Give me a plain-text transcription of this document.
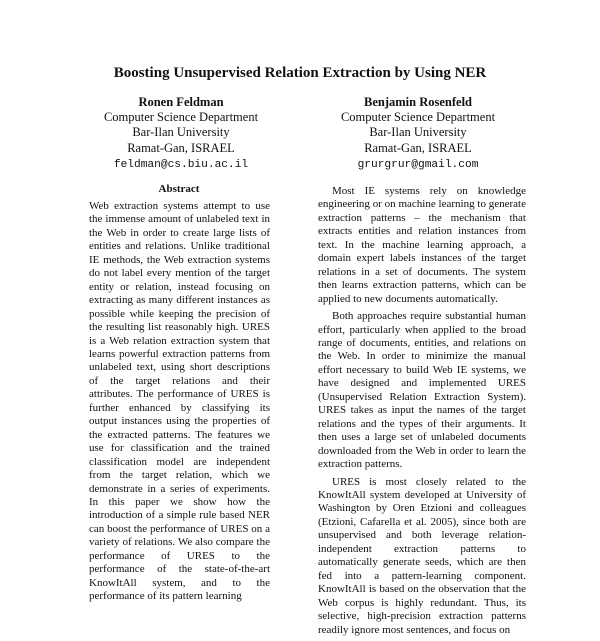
Boosting Unsupervised Relation Extraction by Using NER
Ronen Feldman
Computer Science Department
Bar-Ilan University
Ramat-Gan, ISRAEL
feldman@cs.biu.ac.il
Benjamin Rosenfeld
Computer Science Department
Bar-Ilan University
Ramat-Gan, ISRAEL
grurgrur@gmail.com
Abstract

Web extraction systems attempt to use the immense amount of unlabeled text in the Web in order to create large lists of entities and relations. Unlike traditional IE methods, the Web extraction systems do not label every mention of the target entity or relation, instead focusing on extracting as many different instances as possible while keeping the precision of the resulting list reasonably high. URES is a Web relation extraction system that learns powerful extraction patterns from unlabeled text, using short descriptions of the target relations and their attributes. The performance of URES is further enhanced by classifying its output instances using the properties of the extracted patterns. The features we use for classification and the trained classification model are independent from the target relation, which we demonstrate in a series of experiments. In this paper we show how the introduction of a simple rule based NER can boost the performance of URES on a variety of relations. We also compare the performance of URES to the performance of the state-of-the-art KnowItAll system, and to the performance of its pattern learning

Most IE systems rely on knowledge engineering or on machine learning to generate extraction patterns – the mechanism that extracts entities and relation instances from text. In the machine learning approach, a domain expert labels instances of the target relations in a set of documents. The system then learns extraction patterns, which can be applied to new documents automatically.

Both approaches require substantial human effort, particularly when applied to the broad range of documents, entities, and relations on the Web. In order to minimize the manual effort necessary to build Web IE systems, we have designed and implemented URES (Unsupervised Relation Extraction System). URES takes as input the names of the target relations and the types of their arguments. It then uses a large set of unlabeled documents downloaded from the Web in order to learn the extraction patterns.

URES is most closely related to the KnowItAll system developed at University of Washington by Oren Etzioni and colleagues (Etzioni, Cafarella et al. 2005), since both are unsupervised and both leverage relation-independent extraction patterns to automatically generate seeds, which are then fed into a pattern-learning component. KnowItAll is based on the observation that the Web corpus is highly redundant. Thus, its selective, high-precision extraction patterns readily ignore most sentences, and focus on
